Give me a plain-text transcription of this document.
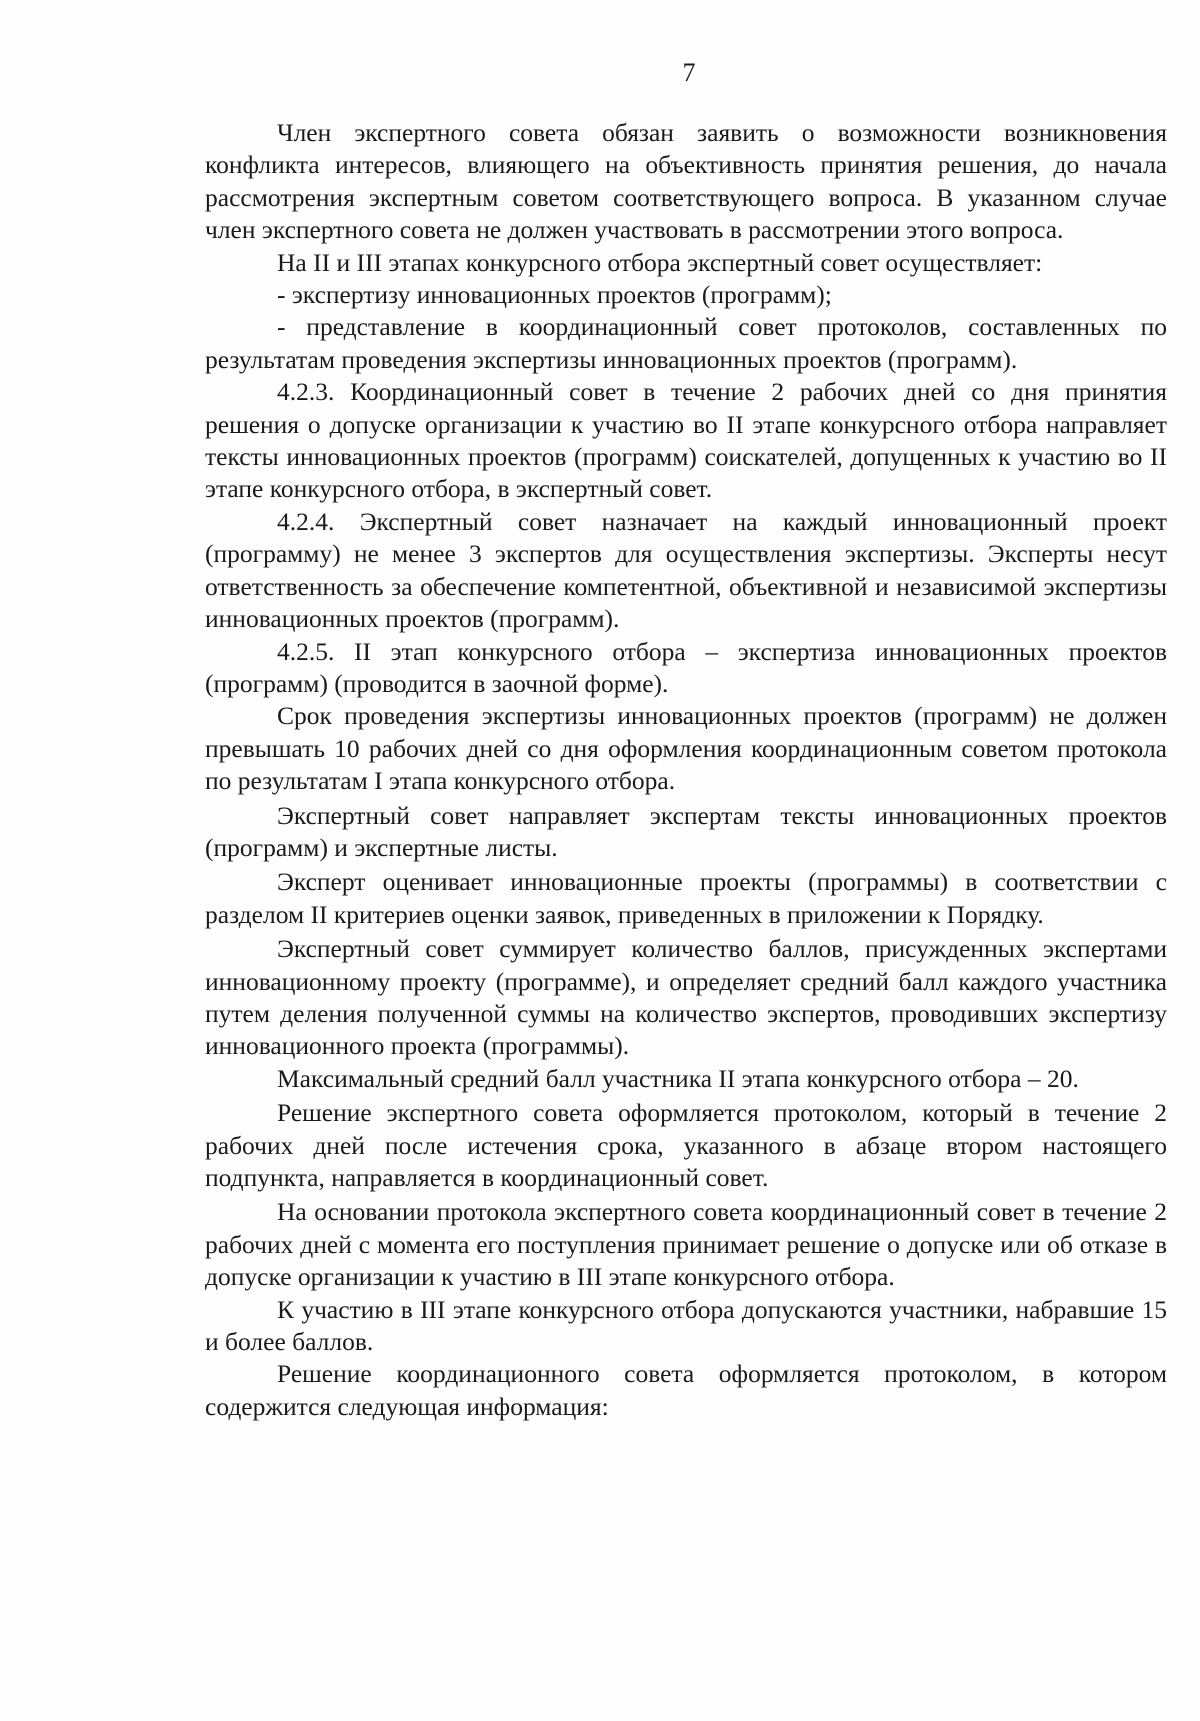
7

Член экспертного совета обязан заявить о возможности возникновения конфликта интересов, влияющего на объективность принятия решения, до начала рассмотрения экспертным советом соответствующего вопроса. В указанном случае член экспертного совета не должен участвовать в рассмотрении этого вопроса.

На II и III этапах конкурсного отбора экспертный совет осуществляет:

- экспертизу инновационных проектов (программ);

- представление в координационный совет протоколов, составленных по результатам проведения экспертизы инновационных проектов (программ).

4.2.3. Координационный совет в течение 2 рабочих дней со дня принятия решения о допуске организации к участию во II этапе конкурсного отбора направляет тексты инновационных проектов (программ) соискателей, допущенных к участию во II этапе конкурсного отбора, в экспертный совет.

4.2.4. Экспертный совет назначает на каждый инновационный проект (программу) не менее 3 экспертов для осуществления экспертизы. Эксперты несут ответственность за обеспечение компетентной, объективной и независимой экспертизы инновационных проектов (программ).

4.2.5. II этап конкурсного отбора – экспертиза инновационных проектов (программ) (проводится в заочной форме).

Срок проведения экспертизы инновационных проектов (программ) не должен превышать 10 рабочих дней со дня оформления координационным советом протокола по результатам I этапа конкурсного отбора.

Экспертный совет направляет экспертам тексты инновационных проектов (программ) и экспертные листы.

Эксперт оценивает инновационные проекты (программы) в соответствии с разделом II критериев оценки заявок, приведенных в приложении к Порядку.

Экспертный совет суммирует количество баллов, присужденных экспертами инновационному проекту (программе), и определяет средний балл каждого участника путем деления полученной суммы на количество экспертов, проводивших экспертизу инновационного проекта (программы).

Максимальный средний балл участника II этапа конкурсного отбора – 20.

Решение экспертного совета оформляется протоколом, который в течение 2 рабочих дней после истечения срока, указанного в абзаце втором настоящего подпункта, направляется в координационный совет.

На основании протокола экспертного совета координационный совет в течение 2 рабочих дней с момента его поступления принимает решение о допуске или об отказе в допуске организации к участию в III этапе конкурсного отбора.

К участию в III этапе конкурсного отбора допускаются участники, набравшие 15 и более баллов.

Решение координационного совета оформляется протоколом, в котором содержится следующая информация:
